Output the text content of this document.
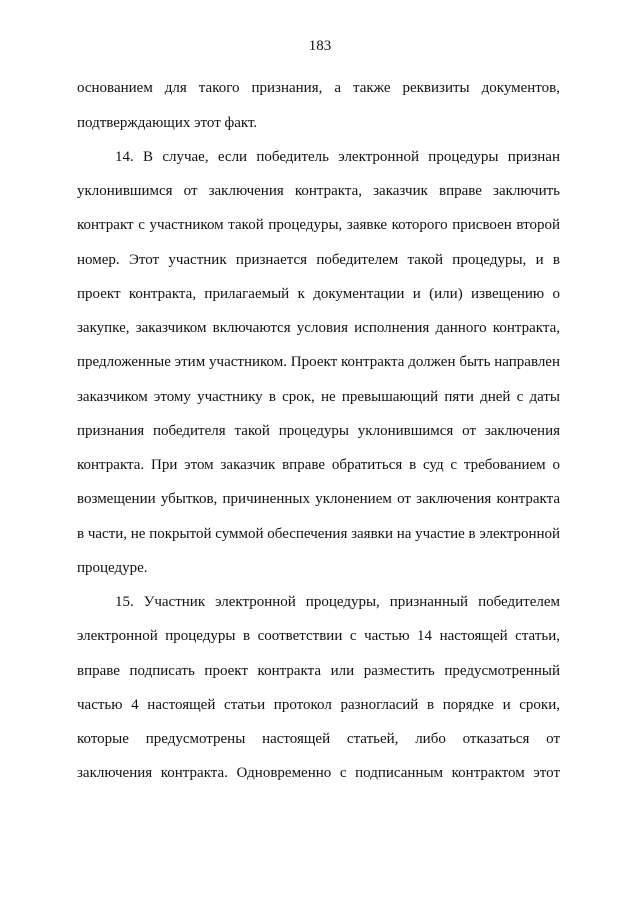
183
основанием для такого признания, а также реквизиты документов,
подтверждающих этот факт.
14. В случае, если победитель электронной процедуры признан
уклонившимся от заключения контракта, заказчик вправе заключить
контракт с участником такой процедуры, заявке которого присвоен второй
номер. Этот участник признается победителем такой процедуры, и в
проект контракта, прилагаемый к документации и (или) извещению о
закупке, заказчиком включаются условия исполнения данного контракта,
предложенные этим участником. Проект контракта должен быть направлен
заказчиком этому участнику в срок, не превышающий пяти дней с даты
признания победителя такой процедуры уклонившимся от заключения
контракта. При этом заказчик вправе обратиться в суд с требованием о
возмещении убытков, причиненных уклонением от заключения контракта
в части, не покрытой суммой обеспечения заявки на участие в электронной
процедуре.
15. Участник электронной процедуры, признанный победителем
электронной процедуры в соответствии с частью 14 настоящей статьи,
вправе подписать проект контракта или разместить предусмотренный
частью 4 настоящей статьи протокол разногласий в порядке и сроки,
которые предусмотрены настоящей статьей, либо отказаться от
заключения контракта. Одновременно с подписанным контрактом этот
